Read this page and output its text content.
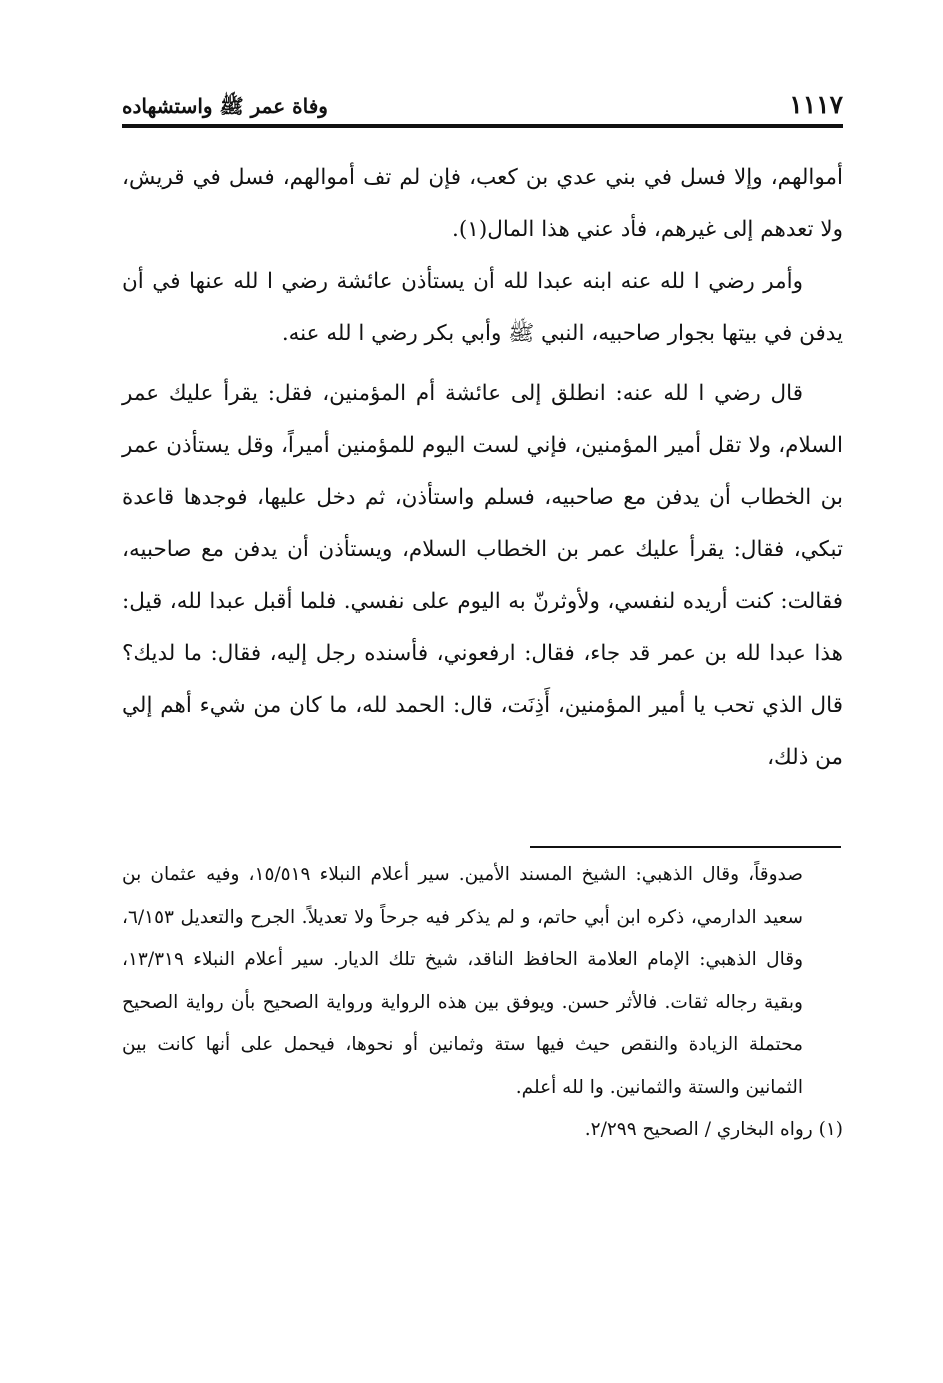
١١١٧
وفاة عمر ﷺ واستشهاده

أموالهم، وإلا فسل في بني عدي بن كعب، فإن لم تف أموالهم، فسل في قريش، ولا تعدهم إلى غيرهم، فأد عني هذا المال(١).

وأمر رضي ا لله عنه ابنه عبدا لله أن يستأذن عائشة رضي ا لله عنها في أن يدفن في بيتها بجوار صاحبيه، النبي ﷺ وأبي بكر رضي ا لله عنه.

قال رضي ا لله عنه: انطلق إلى عائشة أم المؤمنين، فقل: يقرأ عليك عمر السلام، ولا تقل أمير المؤمنين، فإني لست اليوم للمؤمنين أميراً، وقل يستأذن عمر بن الخطاب أن يدفن مع صاحبيه، فسلم واستأذن، ثم دخل عليها، فوجدها قاعدة تبكي، فقال: يقرأ عليك عمر بن الخطاب السلام، ويستأذن أن يدفن مع صاحبيه، فقالت: كنت أريده لنفسي، ولأوثرنّ به اليوم على نفسي. فلما أقبل عبدا لله، قيل: هذا عبدا لله بن عمر قد جاء، فقال: ارفعوني، فأسنده رجل إليه، فقال: ما لديك؟ قال الذي تحب يا أمير المؤمنين، أَذِنَت، قال: الحمد لله، ما كان من شيء أهم إلي من ذلك،

صدوقاً، وقال الذهبي: الشيخ المسند الأمين. سير أعلام النبلاء ١٥/٥١٩، وفيه عثمان بن سعيد الدارمي، ذكره ابن أبي حاتم، و لم يذكر فيه جرحاً ولا تعديلاً. الجرح والتعديل ٦/١٥٣، وقال الذهبي: الإمام العلامة الحافظ الناقد، شيخ تلك الديار. سير أعلام النبلاء ١٣/٣١٩، وبقية رجاله ثقات. فالأثر حسن. ويوفق بين هذه الرواية ورواية الصحيح بأن رواية الصحيح محتملة الزيادة والنقص حيث فيها ستة وثمانين أو نحوها، فيحمل على أنها كانت بين الثمانين والستة والثمانين. وا لله أعلم.

(١) رواه البخاري / الصحيح ٢/٢٩٩.
